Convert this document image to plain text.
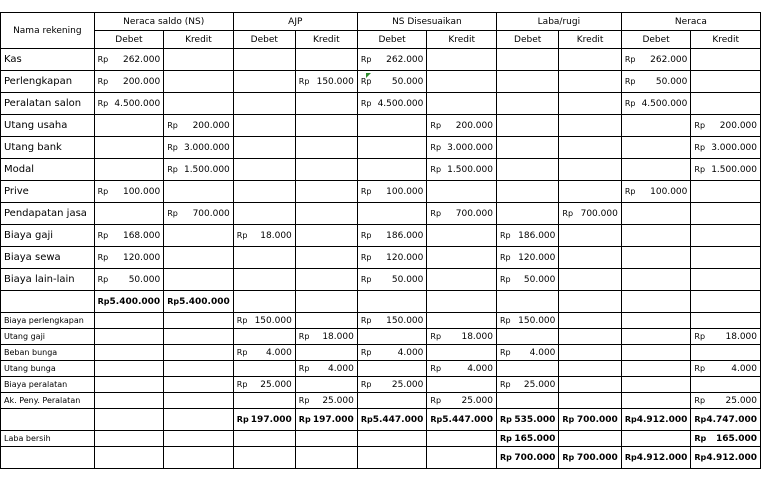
Nama rekening	Neraca saldo (NS)		AJP		NS Disesuaikan		Laba/rugi		Neraca	
	Debet	Kredit	Debet	Kredit	Debet	Kredit	Debet	Kredit	Debet	Kredit
Kas	Rp 262.000				Rp 262.000				Rp 262.000	

Perlengkapan	Rp 200.000			Rp 150.000	Rp 50.000				Rp 50.000	

Peralatan salon	Rp 4.500.000				Rp 4.500.000				Rp 4.500.000	

Utang usaha		Rp 200.000				Rp 200.000				Rp 200.000

Utang bank		Rp 3.000.000				Rp 3.000.000				Rp 3.000.000

Modal		Rp 1.500.000				Rp 1.500.000				Rp 1.500.000

Prive	Rp 100.000				Rp 100.000				Rp 100.000	

Pendapatan jasa		Rp 700.000				Rp 700.000		Rp 700.000		

Biaya gaji	Rp 168.000		Rp 18.000		Rp 186.000		Rp 186.000			

Biaya sewa	Rp 120.000				Rp 120.000		Rp 120.000			

Biaya lain-lain	Rp 50.000				Rp 50.000		Rp 50.000			

	Rp 5.400.000	Rp 5.400.000								

Biaya perlengkapan			Rp 150.000		Rp 150.000		Rp 150.000			

Utang gaji				Rp 18.000		Rp 18.000				Rp 18.000

Beban bunga			Rp 4.000		Rp 4.000		Rp 4.000			

Utang bunga				Rp 4.000		Rp 4.000				Rp 4.000

Biaya peralatan			Rp 25.000		Rp 25.000		Rp 25.000			

Ak. Peny. Peralatan				Rp 25.000		Rp 25.000				Rp 25.000

			Rp 197.000	Rp 197.000	Rp 5.447.000	Rp 5.447.000	Rp 535.000	Rp 700.000	Rp 4.912.000	Rp 4.747.000

Laba bersih							Rp 165.000			Rp 165.000

							Rp 700.000	Rp 700.000	Rp 4.912.000	Rp 4.912.000
